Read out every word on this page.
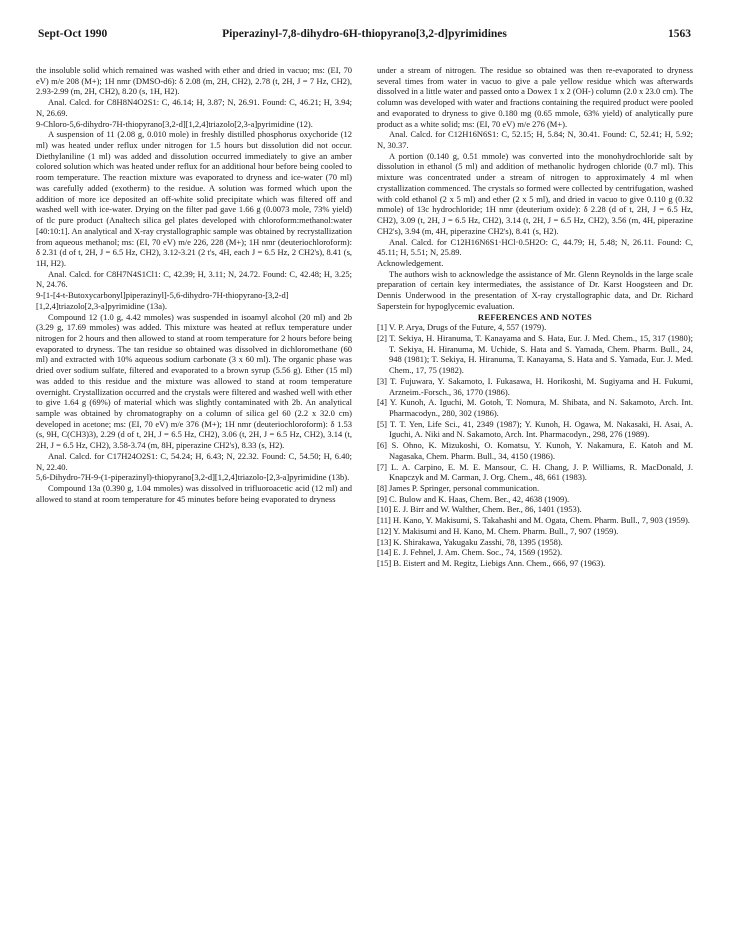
Sept-Oct 1990	Piperazinyl-7,8-dihydro-6H-thiopyrano[3,2-d]pyrimidines	1563

the insoluble solid which remained was washed with ether and dried in vacuo; ms: (EI, 70 eV) m/e 208 (M+); 1H nmr (DMSO-d6): δ 2.08 (m, 2H, CH2), 2.78 (t, 2H, J = 7 Hz, CH2), 2.93-2.99 (m, 2H, CH2), 8.20 (s, 1H, H2).

Anal. Calcd. for C8H8N4O2S1: C, 46.14; H, 3.87; N, 26.91. Found: C, 46.21; H, 3.94; N, 26.69.

9-Chloro-5,6-dihydro-7H-thiopyrano[3,2-d][1,2,4]triazolo[2,3-a]pyrimidine (12).

A suspension of 11 (2.08 g, 0.010 mole) in freshly distilled phosphorus oxychoride (12 ml) was heated under reflux under nitrogen for 1.5 hours but dissolution did not occur. Diethylaniline (1 ml) was added and dissolution occurred immediately to give an amber colored solution which was heated under reflux for an additional hour before being cooled to room temperature. The reaction mixture was evaporated to dryness and ice-water (70 ml) was carefully added (exotherm) to the residue. A solution was formed which upon the addition of more ice deposited an off-white solid precipitate which was filtered off and washed well with ice-water. Drying on the filter pad gave 1.66 g (0.0073 mole, 73% yield) of tlc pure product (Analtech silica gel plates developed with chloroform:methanol:water [40:10:1]. An analytical and X-ray crystallographic sample was obtained by recrystallization from aqueous methanol; ms: (EI, 70 eV) m/e 226, 228 (M+); 1H nmr (deuteriochloroform): δ 2.31 (d of t, 2H, J = 6.5 Hz, CH2), 3.12-3.21 (2 t's, 4H, each J = 6.5 Hz, 2 CH2's), 8.41 (s, 1H, H2).

Anal. Calcd. for C8H7N4S1Cl1: C, 42.39; H, 3.11; N, 24.72. Found: C, 42.48; H, 3.25; N, 24.76.

9-[1-[4-t-Butoxycarbonyl]piperazinyl]-5,6-dihydro-7H-thiopyrano-[3,2-d][1,2,4]triazolo[2,3-a]pyrimidine (13a).

Compound 12 (1.0 g, 4.42 mmoles) was suspended in isoamyl alcohol (20 ml) and 2b (3.29 g, 17.69 mmoles) was added. This mixture was heated at reflux temperature under nitrogen for 2 hours and then allowed to stand at room temperature for 2 hours before being evaporated to dryness. The tan residue so obtained was dissolved in dichloromethane (60 ml) and extracted with 10% aqueous sodium carbonate (3 x 60 ml). The organic phase was dried over sodium sulfate, filtered and evaporated to a brown syrup (5.56 g). Ether (15 ml) was added to this residue and the mixture was allowed to stand at room temperature overnight. Crystallization occurred and the crystals were filtered and washed well with ether to give 1.64 g (69%) of material which was slightly contaminated with 2b. An analytical sample was obtained by chromatography on a column of silica gel 60 (2.2 x 32.0 cm) developed in acetone; ms: (EI, 70 eV) m/e 376 (M+); 1H nmr (deuteriochloroform): δ 1.53 (s, 9H, C(CH3)3), 2.29 (d of t, 2H, J = 6.5 Hz, CH2), 3.06 (t, 2H, J = 6.5 Hz, CH2), 3.14 (t, 2H, J = 6.5 Hz, CH2), 3.58-3.74 (m, 8H, piperazine CH2's), 8.33 (s, H2).

Anal. Calcd. for C17H24O2S1: C, 54.24; H, 6.43; N, 22.32. Found: C, 54.50; H, 6.40; N, 22.40.

5,6-Dihydro-7H-9-(1-piperazinyl)-thiopyrano[3,2-d][1,2,4]triazolo-[2,3-a]pyrimidine (13b).

Compound 13a (0.390 g, 1.04 mmoles) was dissolved in trifluoroacetic acid (12 ml) and allowed to stand at room temperature for 45 minutes before being evaporated to dryness

under a stream of nitrogen. The residue so obtained was then re-evaporated to dryness several times from water in vacuo to give a pale yellow residue which was afterwards dissolved in a little water and passed onto a Dowex 1 x 2 (OH-) column (2.0 x 23.0 cm). The column was developed with water and fractions containing the required product were pooled and evaporated to dryness to give 0.180 mg (0.65 mmole, 63% yield) of analytically pure product as a white solid; ms: (EI, 70 eV) m/e 276 (M+).

Anal. Calcd. for C12H16N6S1: C, 52.15; H, 5.84; N, 30.41. Found: C, 52.41; H, 5.92; N, 30.37.

A portion (0.140 g, 0.51 mmole) was converted into the monohydrochloride salt by dissolution in ethanol (5 ml) and addition of methanolic hydrogen chloride (0.7 ml). This mixture was concentrated under a stream of nitrogen to approximately 4 ml when crystallization commenced. The crystals so formed were collected by centrifugation, washed with cold ethanol (2 x 5 ml) and ether (2 x 5 ml), and dried in vacuo to give 0.110 g (0.32 mmole) of 13c hydrochloride; 1H nmr (deuterium oxide): δ 2.28 (d of t, 2H, J = 6.5 Hz, CH2), 3.09 (t, 2H, J = 6.5 Hz, CH2), 3.14 (t, 2H, J = 6.5 Hz, CH2), 3.56 (m, 4H, piperazine CH2's), 3.94 (m, 4H, piperazine CH2's), 8.41 (s, H2).

Anal. Calcd. for C12H16N6S1·HCl·0.5H2O: C, 44.79; H, 5.48; N, 26.11. Found: C, 45.11; H, 5.51; N, 25.89.

Acknowledgement.

The authors wish to acknowledge the assistance of Mr. Glenn Reynolds in the large scale preparation of certain key intermediates, the assistance of Dr. Karst Hoogsteen and Dr. Dennis Underwood in the presentation of X-ray crystallographic data, and Dr. Richard Saperstein for hypoglycemic evaluation.

REFERENCES AND NOTES

[1] V. P. Arya, Drugs of the Future, 4, 557 (1979).

[2] T. Sekiya, H. Hiranuma, T. Kanayama and S. Hata, Eur. J. Med. Chem., 15, 317 (1980); T. Sekiya, H. Hiranuma, M. Uchide, S. Hata and S. Yamada, Chem. Pharm. Bull., 24, 948 (1981); T. Sekiya, H. Hiranuma, T. Kanayama, S. Hata and S. Yamada, Eur. J. Med. Chem., 17, 75 (1982).

[3] T. Fujuwara, Y. Sakamoto, I. Fukasawa, H. Horikoshi, M. Sugiyama and H. Fukumi, Arzneim.-Forsch., 36, 1770 (1986).

[4] Y. Kunoh, A. Iguchi, M. Gotoh, T. Nomura, M. Shibata, and N. Sakamoto, Arch. Int. Pharmacodyn., 280, 302 (1986).

[5] T. T. Yen, Life Sci., 41, 2349 (1987); Y. Kunoh, H. Ogawa, M. Nakasaki, H. Asai, A. Iguchi, A. Niki and N. Sakamoto, Arch. Int. Pharmacodyn., 298, 276 (1989).

[6] S. Ohno, K. Mizukoshi, O. Komatsu, Y. Kunoh, Y. Nakamura, E. Katoh and M. Nagasaka, Chem. Pharm. Bull., 34, 4150 (1986).

[7] L. A. Carpino, E. M. E. Mansour, C. H. Chang, J. P. Williams, R. MacDonald, J. Knapczyk and M. Carman, J. Org. Chem., 48, 661 (1983).

[8] James P. Springer, personal communication.

[9] C. Bulow and K. Haas, Chem. Ber., 42, 4638 (1909).

[10] E. J. Birr and W. Walther, Chem. Ber., 86, 1401 (1953).

[11] H. Kano, Y. Makisumi, S. Takahashi and M. Ogata, Chem. Pharm. Bull., 7, 903 (1959).

[12] Y. Makisumi and H. Kano, M. Chem. Pharm. Bull., 7, 907 (1959).

[13] K. Shirakawa, Yakugaku Zasshi, 78, 1395 (1958).

[14] E. J. Fehnel, J. Am. Chem. Soc., 74, 1569 (1952).

[15] B. Eistert and M. Regitz, Liebigs Ann. Chem., 666, 97 (1963).
